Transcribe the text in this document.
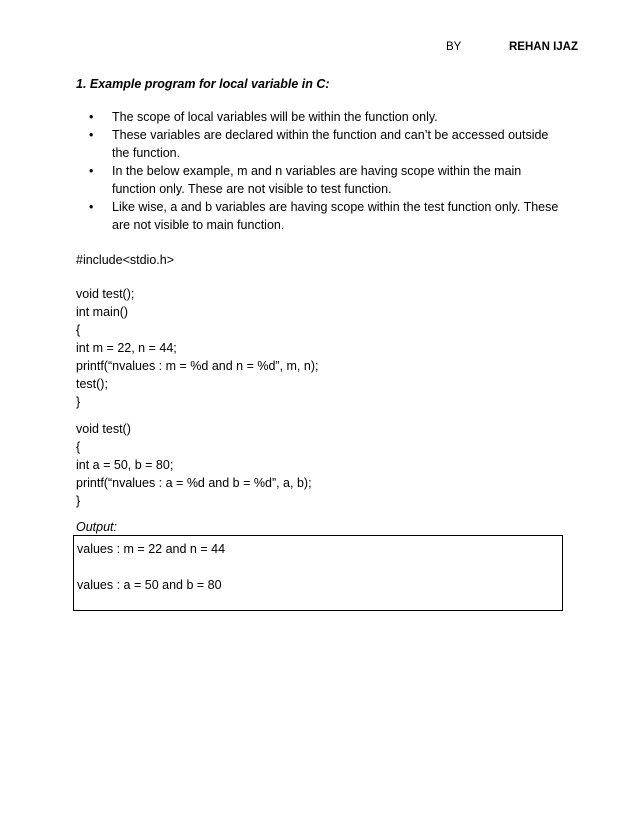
BY	REHAN IJAZ
1. Example program for local variable in C:
• The scope of local variables will be within the function only.
• These variables are declared within the function and can’t be accessed outside the function.
• In the below example, m and n variables are having scope within the main function only. These are not visible to test function.
• Like wise, a and b variables are having scope within the test function only. These are not visible to main function.
#include<stdio.h>
void test();
int main()
{
int m = 22, n = 44;
printf(“nvalues : m = %d and n = %d”, m, n);
test();
}
void test()
{
int a = 50, b = 80;
printf(“nvalues : a = %d and b = %d”, a, b);
}
Output:
values : m = 22 and n = 44
values : a = 50 and b = 80
